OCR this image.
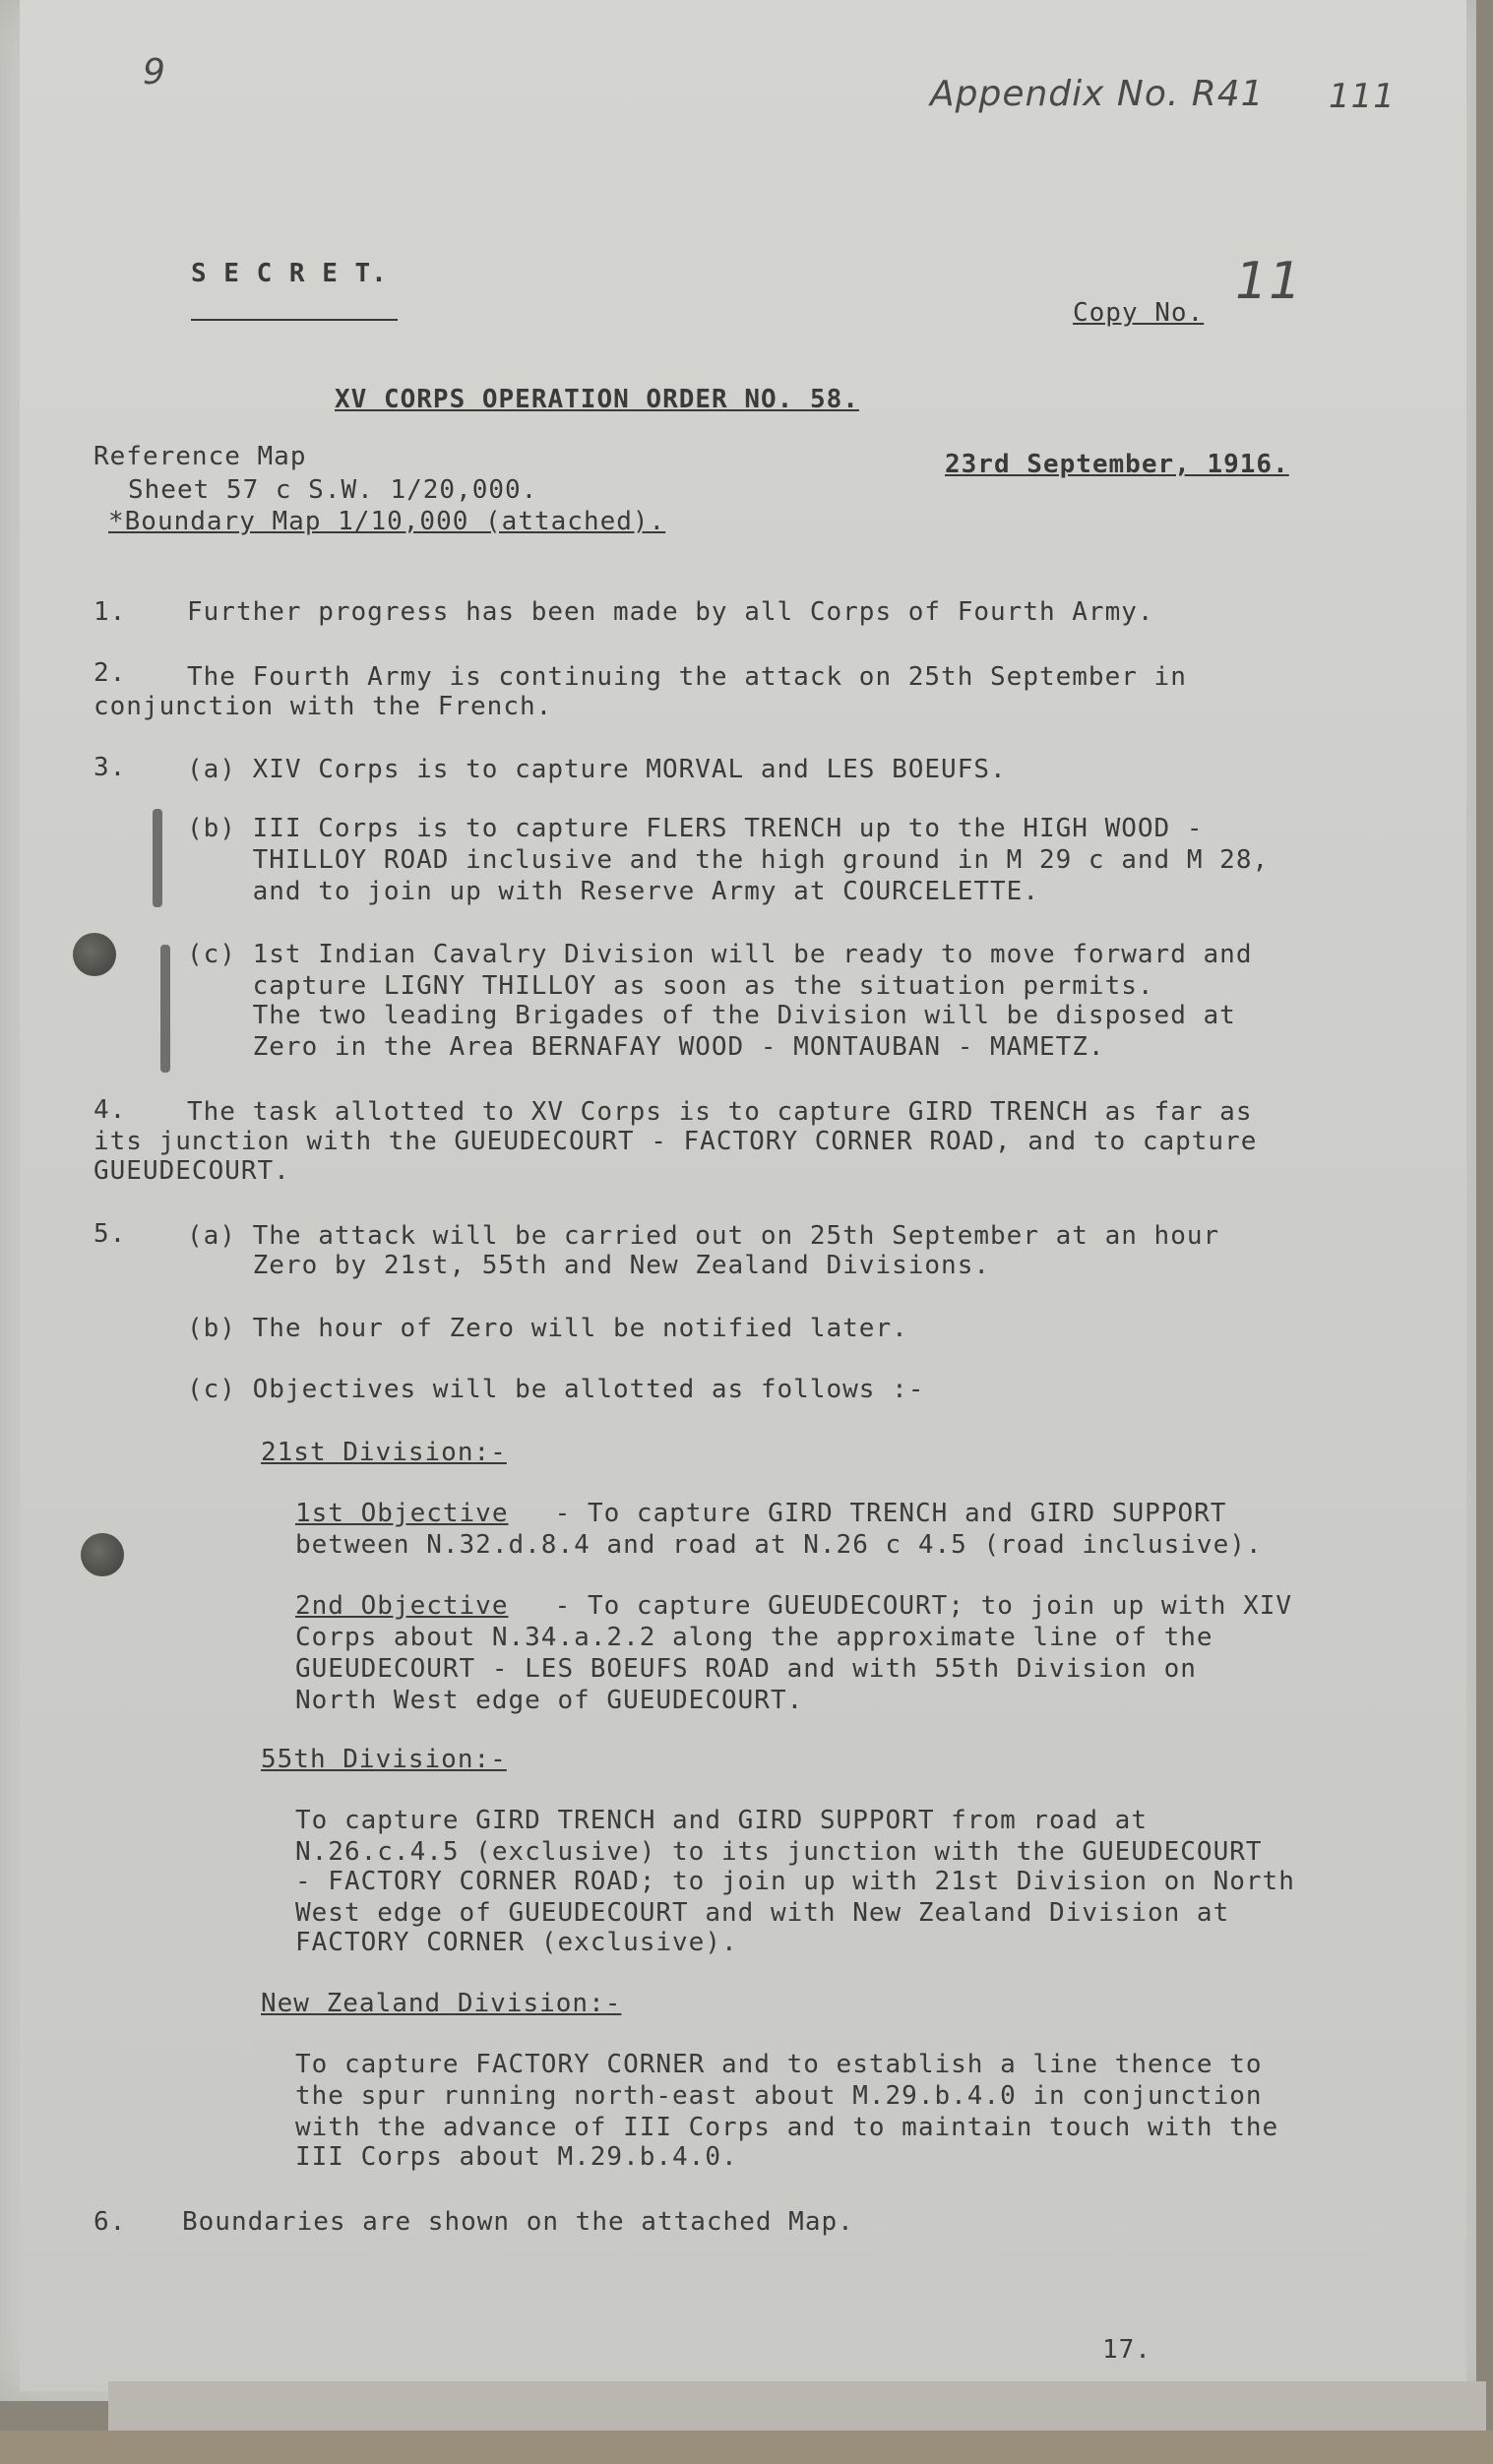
9
Appendix No. R41 111
S E C R E T.
Copy No.
11
XV CORPS OPERATION ORDER NO. 58.
Reference Map
Sheet 57 c S.W. 1/20,000.
*Boundary Map 1/10,000 (attached).
23rd September, 1916.
1. Further progress has been made by all Corps of Fourth Army.
2. The Fourth Army is continuing the attack on 25th September in
conjunction with the French.
3. (a) XIV Corps is to capture MORVAL and LES BOEUFS.
(b) III Corps is to capture FLERS TRENCH up to the HIGH WOOD -
THILLOY ROAD inclusive and the high ground in M 29 c and M 28,
and to join up with Reserve Army at COURCELETTE.
(c) 1st Indian Cavalry Division will be ready to move forward and
capture LIGNY THILLOY as soon as the situation permits.
The two leading Brigades of the Division will be disposed at
Zero in the Area BERNAFAY WOOD - MONTAUBAN - MAMETZ.
4. The task allotted to XV Corps is to capture GIRD TRENCH as far as
its junction with the GUEUDECOURT - FACTORY CORNER ROAD, and to capture
GUEUDECOURT.
5. (a) The attack will be carried out on 25th September at an hour
Zero by 21st, 55th and New Zealand Divisions.
(b) The hour of Zero will be notified later.
(c) Objectives will be allotted as follows :-
21st Division:-
1st Objective - To capture GIRD TRENCH and GIRD SUPPORT
between N.32.d.8.4 and road at N.26 c 4.5 (road inclusive).
2nd Objective - To capture GUEUDECOURT; to join up with XIV
Corps about N.34.a.2.2 along the approximate line of the
GUEUDECOURT - LES BOEUFS ROAD and with 55th Division on
North West edge of GUEUDECOURT.
55th Division:-
To capture GIRD TRENCH and GIRD SUPPORT from road at
N.26.c.4.5 (exclusive) to its junction with the GUEUDECOURT
- FACTORY CORNER ROAD; to join up with 21st Division on North
West edge of GUEUDECOURT and with New Zealand Division at
FACTORY CORNER (exclusive).
New Zealand Division:-
To capture FACTORY CORNER and to establish a line thence to
the spur running north-east about M.29.b.4.0 in conjunction
with the advance of III Corps and to maintain touch with the
III Corps about M.29.b.4.0.
6. Boundaries are shown on the attached Map.
17.
